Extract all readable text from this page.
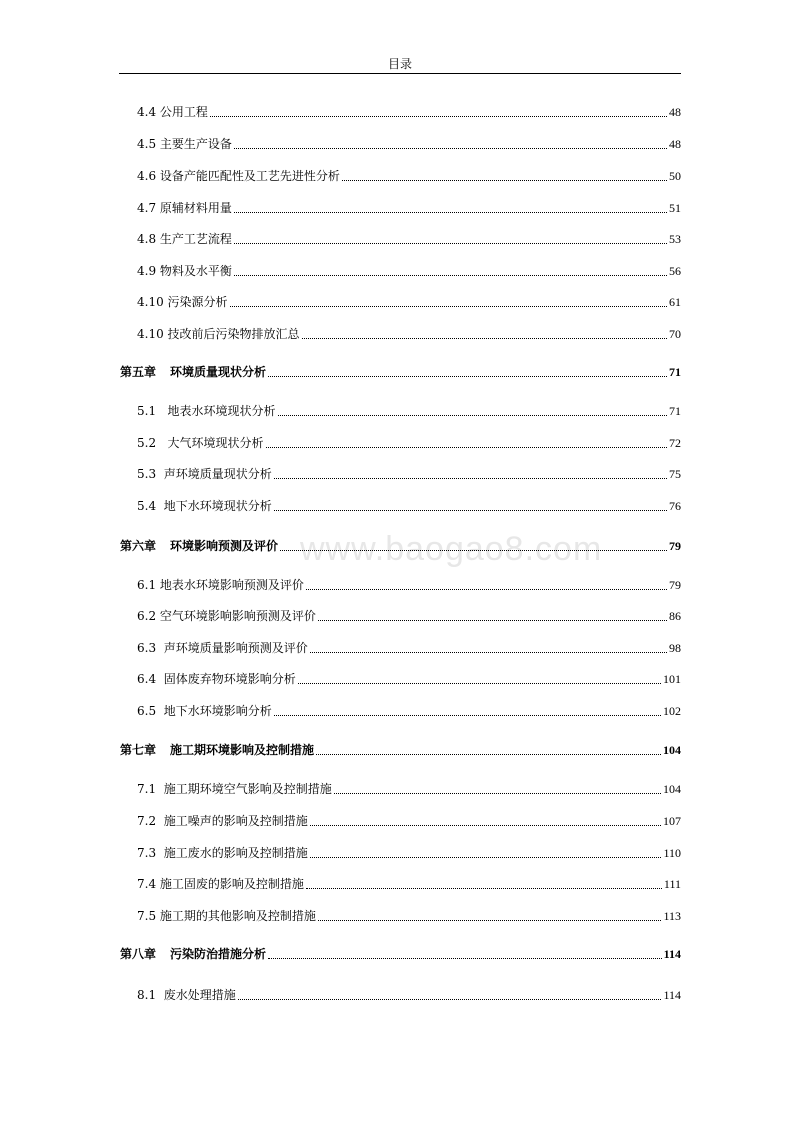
目录
www.baogao8.com
4.4 公用工程	48
4.5 主要生产设备	48
4.6 设备产能匹配性及工艺先进性分析	50
4.7 原辅材料用量	51
4.8 生产工艺流程	53
4.9 物料及水平衡	56
4.10 污染源分析	61
4.10 技改前后污染物排放汇总	70
第五章 环境质量现状分析	71
5.1   地表水环境现状分析	71
5.2   大气环境现状分析	72
5.3  声环境质量现状分析	75
5.4  地下水环境现状分析	76
第六章 环境影响预测及评价	79
6.1 地表水环境影响预测及评价	79
6.2 空气环境影响影响预测及评价	86
6.3  声环境质量影响预测及评价	98
6.4  固体废弃物环境影响分析	101
6.5  地下水环境影响分析	102
第七章 施工期环境影响及控制措施	104
7.1  施工期环境空气影响及控制措施	104
7.2  施工噪声的影响及控制措施	107
7.3  施工废水的影响及控制措施	110
7.4 施工固废的影响及控制措施	111
7.5 施工期的其他影响及控制措施	113
第八章 污染防治措施分析	114
8.1  废水处理措施	114
